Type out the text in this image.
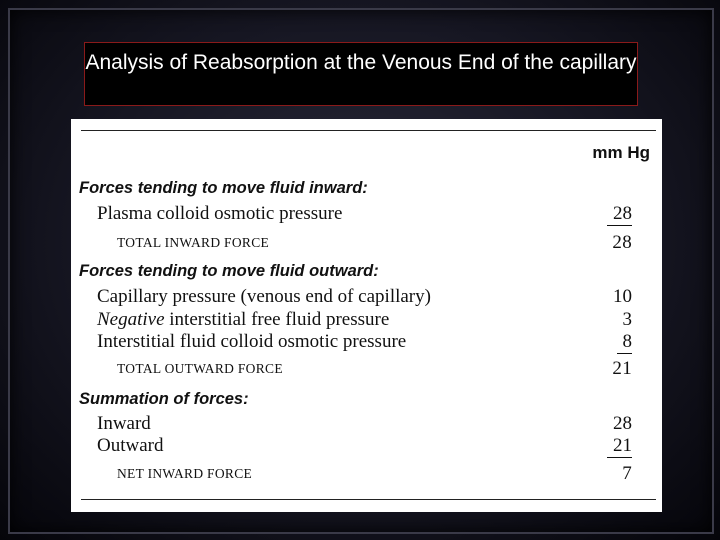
Analysis of Reabsorption at the Venous End of the capillary
mm Hg
Forces tending to move fluid inward:
Plasma colloid osmotic pressure	28
TOTAL INWARD FORCE	28
Forces tending to move fluid outward:
Capillary pressure (venous end of capillary)	10
Negative interstitial free fluid pressure	3
Interstitial fluid colloid osmotic pressure	8
TOTAL OUTWARD FORCE	21
Summation of forces:
Inward	28
Outward	21
NET INWARD FORCE	7
